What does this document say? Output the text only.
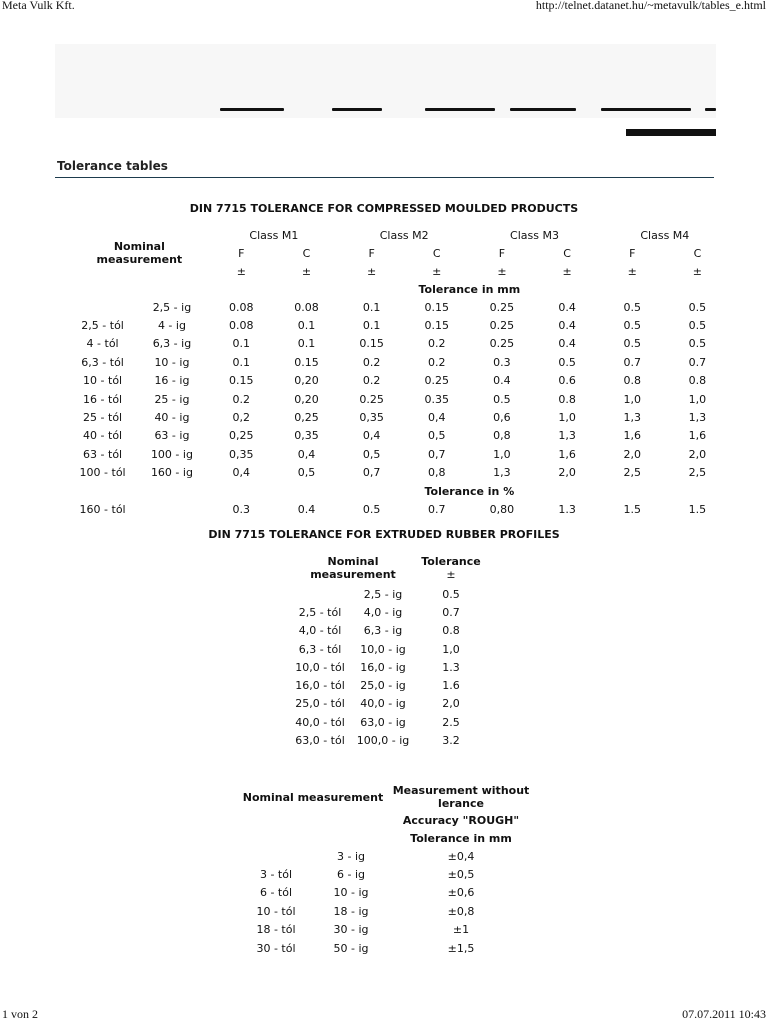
Meta Vulk Kft.	http://telnet.datanet.hu/~metavulk/tables_e.html
Tolerance tables
DIN 7715 TOLERANCE FOR COMPRESSED MOULDED PRODUCTS
Nominal measurement		Class M1		Class M2		Class M3		Class M4	
		F	C	F	C	F	C	F	C
		±	±	±	±	±	±	±	±
		Tolerance in mm							
	2,5 - ig	0.08	0.08	0.1	0.15	0.25	0.4	0.5	0.5
2,5 - tól	4 - ig	0.08	0.1	0.1	0.15	0.25	0.4	0.5	0.5
4 - tól	6,3 - ig	0.1	0.1	0.15	0.2	0.25	0.4	0.5	0.5
6,3 - tól	10 - ig	0.1	0.15	0.2	0.2	0.3	0.5	0.7	0.7
10 - tól	16 - ig	0.15	0,20	0.2	0.25	0.4	0.6	0.8	0.8
16 - tól	25 - ig	0.2	0,20	0.25	0.35	0.5	0.8	1,0	1,0
25 - tól	40 - ig	0,2	0,25	0,35	0,4	0,6	1,0	1,3	1,3
40 - tól	63 - ig	0,25	0,35	0,4	0,5	0,8	1,3	1,6	1,6
63 - tól	100 - ig	0,35	0,4	0,5	0,7	1,0	1,6	2,0	2,0
100 - tól	160 - ig	0,4	0,5	0,7	0,8	1,3	2,0	2,5	2,5
		Tolerance in %							
160 - tól		0.3	0.4	0.5	0.7	0,80	1.3	1.5	1.5
DIN 7715 TOLERANCE FOR EXTRUDED RUBBER PROFILES
Nominal measurement		Tolerance
±
	2,5 - ig	0.5
2,5 - tól	4,0 - ig	0.7
4,0 - tól	6,3 - ig	0.8
6,3 - tól	10,0 - ig	1,0
10,0 - tól	16,0 - ig	1.3
16,0 - tól	25,0 - ig	1.6
25,0 - tól	40,0 - ig	2,0
40,0 - tól	63,0 - ig	2.5
63,0 - tól	100,0 - ig	3.2
Nominal measurement		Measurement without lerance
		Accuracy "ROUGH"
		Tolerance in mm
	3 - ig	±0,4
3 - tól	6 - ig	±0,5
6 - tól	10 - ig	±0,6
10 - tól	18 - ig	±0,8
18 - tól	30 - ig	±1
30 - tól	50 - ig	±1,5
1 von 2	07.07.2011 10:43
